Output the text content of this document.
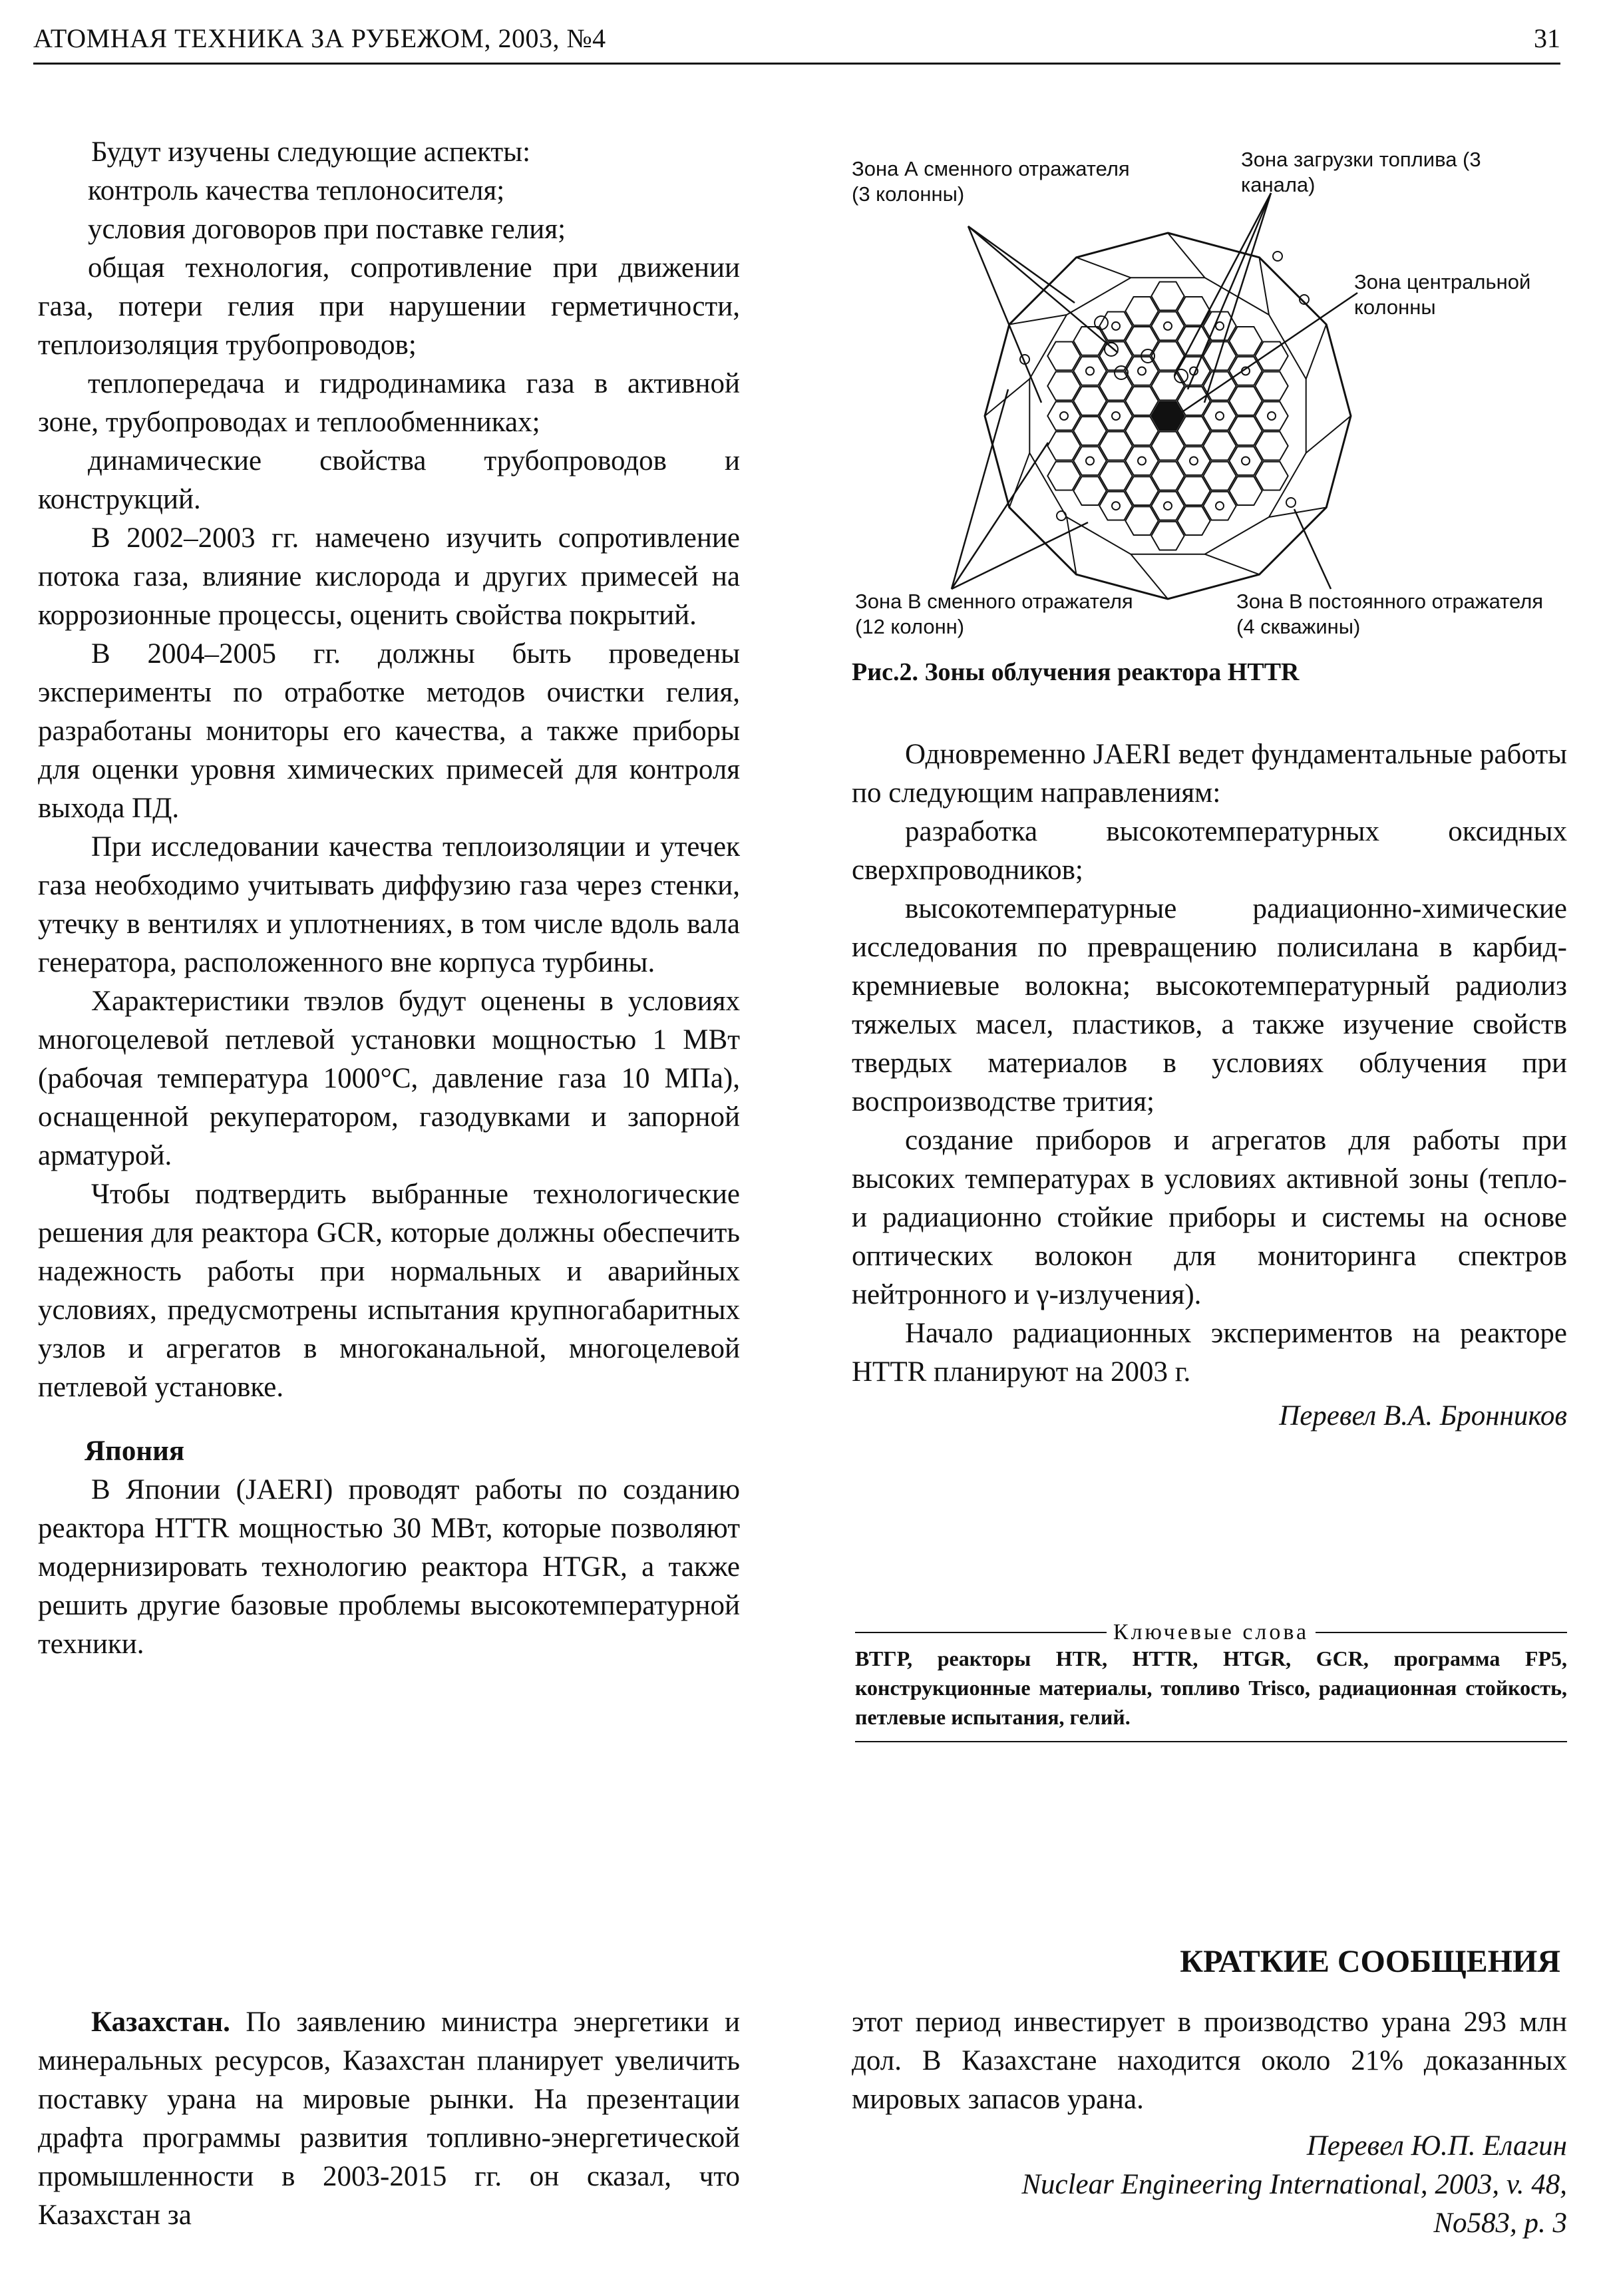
АТОМНАЯ ТЕХНИКА ЗА РУБЕЖОМ, 2003, №4	31

Будут изучены следующие аспекты:

контроль качества теплоносителя;

условия договоров при поставке гелия;

общая технология, сопротивление при движении газа, потери гелия при нарушении герметичности, теплоизоляция трубопроводов;

теплопередача и гидродинамика газа в активной зоне, трубопроводах и теплообменниках;

динамические свойства трубопроводов и конструкций.

В 2002–2003 гг. намечено изучить сопротивление потока газа, влияние кислорода и других примесей на коррозионные процессы, оценить свойства покрытий.

В 2004–2005 гг. должны быть проведены эксперименты по отработке методов очистки гелия, разработаны мониторы его качества, а также приборы для оценки уровня химических примесей для контроля выхода ПД.

При исследовании качества теплоизоляции и утечек газа необходимо учитывать диффузию газа через стенки, утечку в вентилях и уплотнениях, в том числе вдоль вала генератора, расположенного вне корпуса турбины.

Характеристики твэлов будут оценены в условиях многоцелевой петлевой установки мощностью 1 МВт (рабочая температура 1000°С, давление газа 10 МПа), оснащенной рекуператором, газодувками и запорной арматурой.

Чтобы подтвердить выбранные технологические решения для реактора GCR, которые должны обеспечить надежность работы при нормальных и аварийных условиях, предусмотрены испытания крупногабаритных узлов и агрегатов в многоканальной, многоцелевой петлевой установке.

Япония

В Японии (JAERI) проводят работы по созданию реактора HTTR мощностью 30 МВт, которые позволяют модернизировать технологию реактора HTGR, а также решить другие базовые проблемы высокотемпературной техники.

Зона А сменного отражателя (3 колонны)
Зона загрузки топлива (3 канала)
Зона центральной колонны
Зона В сменного отражателя (12 колонн)
Зона В постоянного отражателя (4 скважины)
Рис.2. Зоны облучения реактора HTTR

Одновременно JAERI ведет фундаментальные работы по следующим направлениям:

разработка высокотемпературных оксидных сверхпроводников;

высокотемпературные радиационно-химические исследования по превращению полисилана в карбид-кремниевые волокна; высокотемпературный радиолиз тяжелых масел, пластиков, а также изучение свойств твердых материалов в условиях облучения при воспроизводстве трития;

создание приборов и агрегатов для работы при высоких температурах в условиях активной зоны (тепло- и радиационно стойкие приборы и системы на основе оптических волокон для мониторинга спектров нейтронного и γ-излучения).

Начало радиационных экспериментов на реакторе HTTR планируют на 2003 г.

Перевел В.А. Бронников

Ключевые слова
ВТГР, реакторы HTR, HTTR, HTGR, GCR, программа FP5, конструкционные материалы, топливо Trisco, радиационная стойкость, петлевые испытания, гелий.
КРАТКИЕ СООБЩЕНИЯ

Казахстан. По заявлению министра энергетики и минеральных ресурсов, Казахстан планирует увеличить поставку урана на мировые рынки. На презентации драфта программы развития топливно-энергетической промышленности в 2003-2015 гг. он сказал, что Казахстан за

этот период инвестирует в производство урана 293 млн дол. В Казахстане находится около 21% доказанных мировых запасов урана.

Перевел Ю.П. Елагин

Nuclear Engineering International, 2003, v. 48, No583, p. 3
